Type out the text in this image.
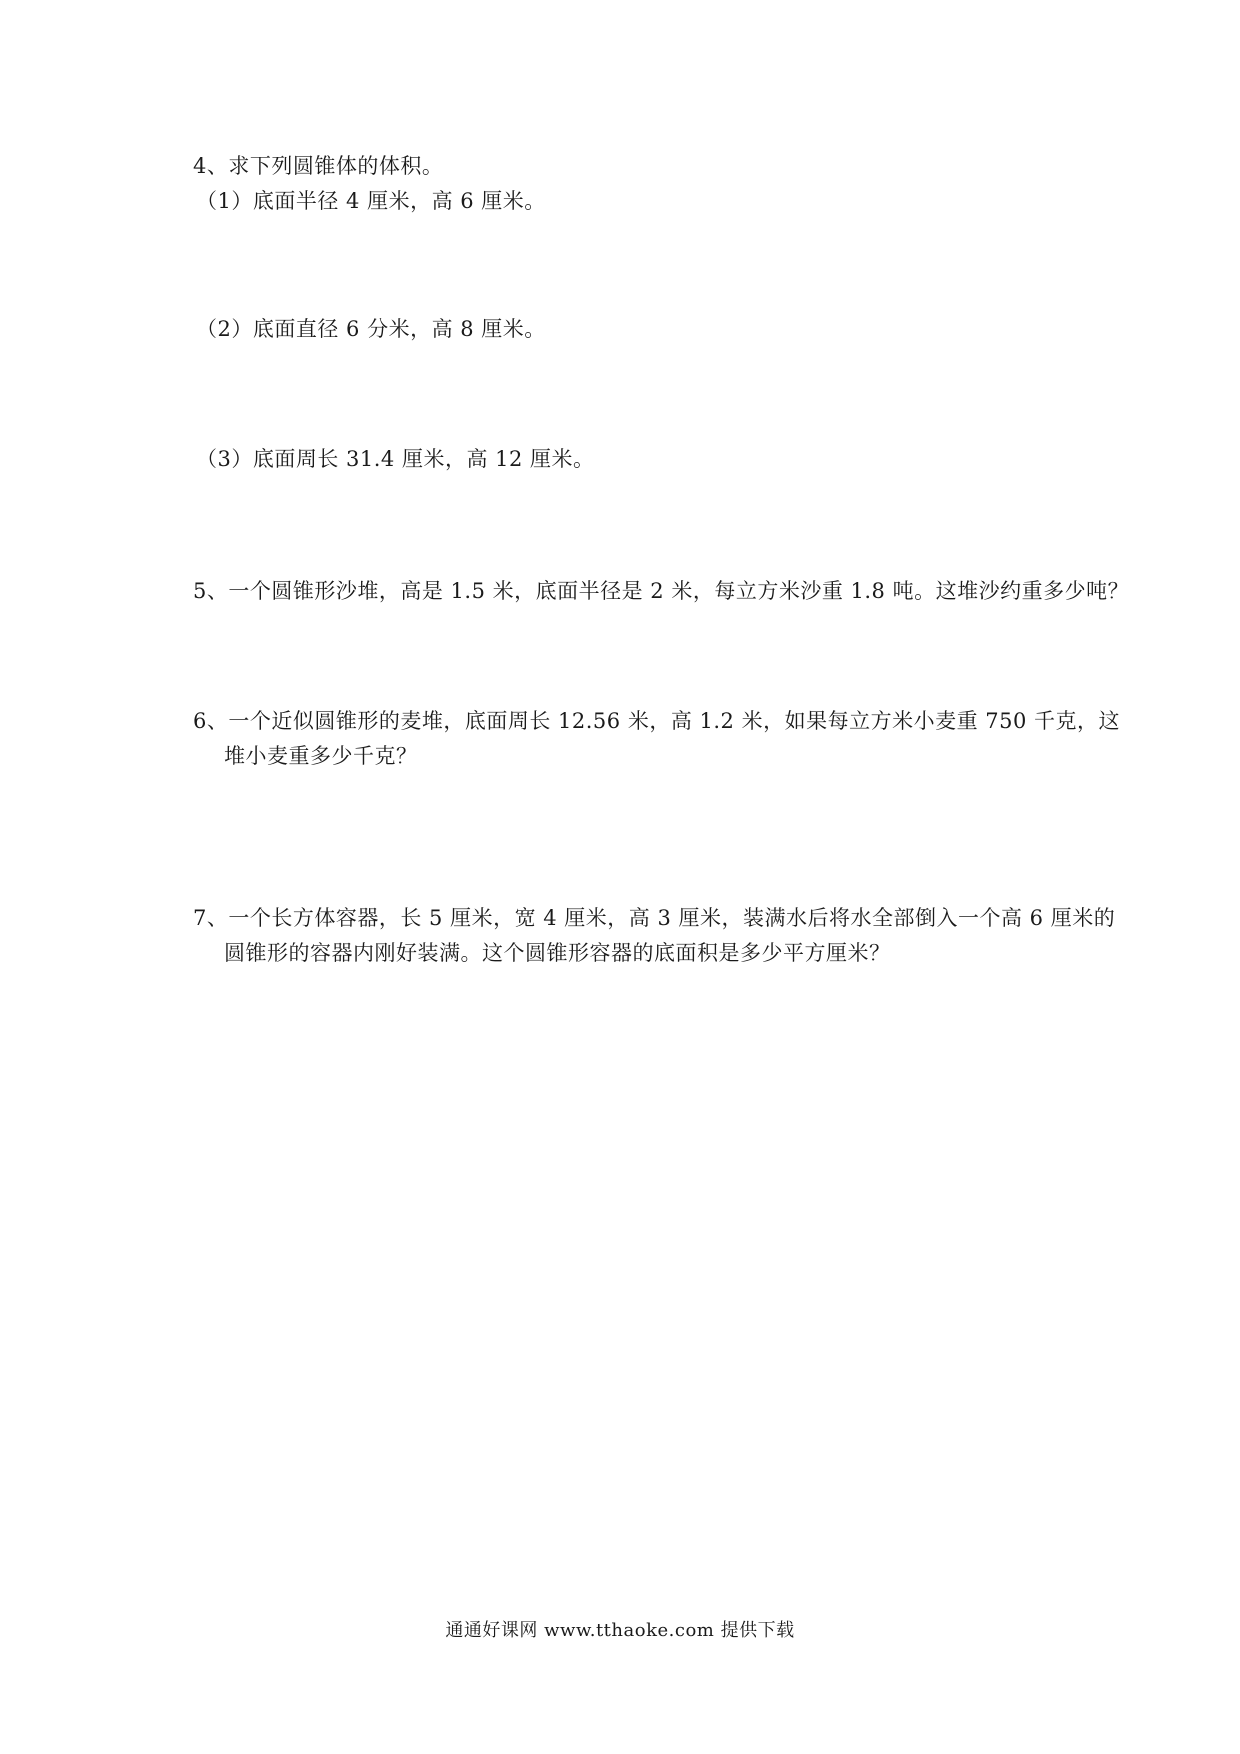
4、求下列圆锥体的体积。
（1）底面半径 4 厘米，高 6 厘米。
（2）底面直径 6 分米，高 8 厘米。
（3）底面周长 31.4 厘米，高 12 厘米。
5、一个圆锥形沙堆，高是 1.5 米，底面半径是 2 米，每立方米沙重 1.8 吨。这堆沙约重多少吨？
6、一个近似圆锥形的麦堆，底面周长 12.56 米，高 1.2 米，如果每立方米小麦重 750 千克，这
堆小麦重多少千克？
7、一个长方体容器，长 5 厘米，宽 4 厘米，高 3 厘米，装满水后将水全部倒入一个高 6 厘米的
圆锥形的容器内刚好装满。这个圆锥形容器的底面积是多少平方厘米？
通通好课网 www.tthaoke.com 提供下载
